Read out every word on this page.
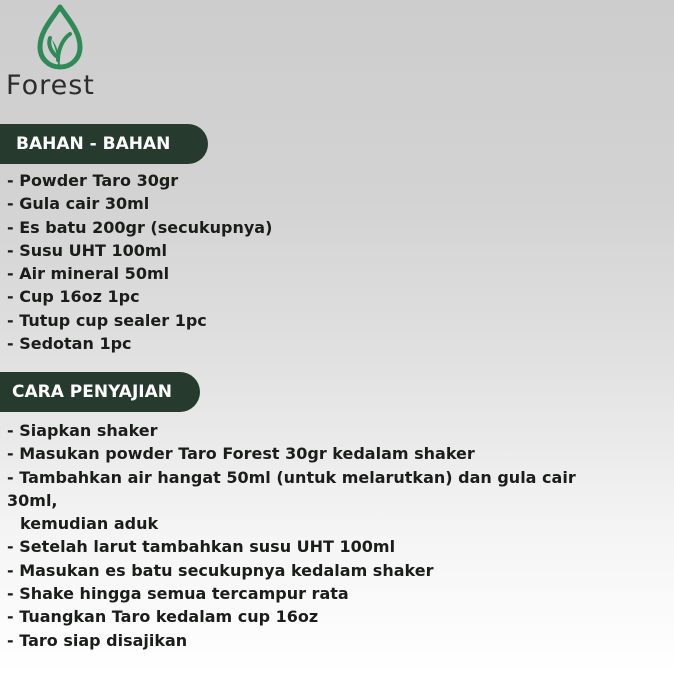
Forest
BAHAN - BAHAN
- Powder Taro 30gr
- Gula cair 30ml
- Es batu 200gr (secukupnya)
- Susu UHT 100ml
- Air mineral 50ml
- Cup 16oz 1pc
- Tutup cup sealer 1pc
- Sedotan 1pc
CARA PENYAJIAN
- Siapkan shaker
- Masukan powder Taro Forest 30gr kedalam shaker
- Tambahkan air hangat 50ml (untuk melarutkan) dan gula cair 30ml,
kemudian aduk
- Setelah larut tambahkan susu UHT 100ml
- Masukan es batu secukupnya kedalam shaker
- Shake hingga semua tercampur rata
- Tuangkan Taro kedalam cup 16oz
- Taro siap disajikan
